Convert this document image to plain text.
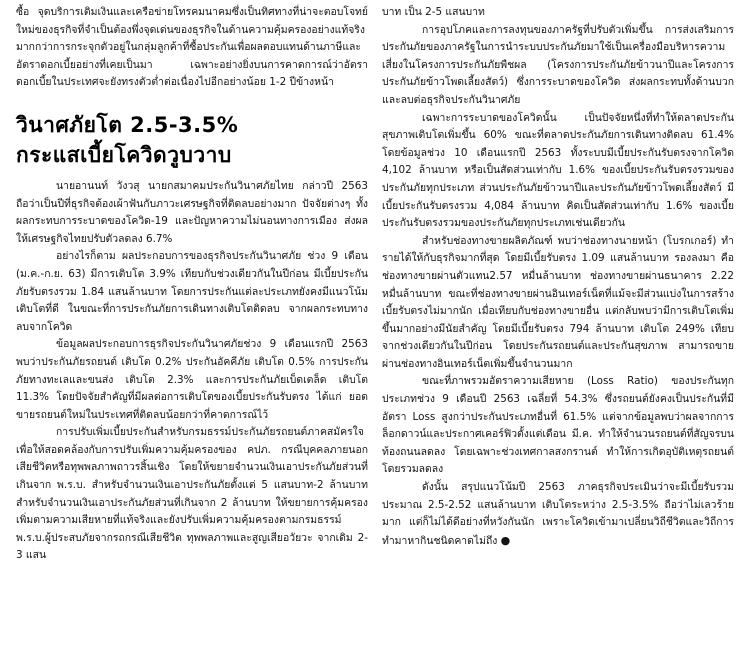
ซื้อ จุดบริการเติมเงินและเครือข่ายโทรคมนาคมซึ่งเป็นทิศทางที่น่าจะตอบโจทย์ใหม่ของธุรกิจที่จำเป็นต้องพึ่งจุดเด่นของธุรกิจในด้านความคุ้มครองอย่างแท้จริง มากกว่าการกระจุกตัวอยู่ในกลุ่มลูกค้าที่ซื้อประกันเพื่อผลตอบแทนด้านภาษีและอัตราดอกเบี้ยอย่างที่เคยเป็นมา เฉพาะอย่างยิ่งบนการคาดการณ์ว่าอัตราดอกเบี้ยในประเทศจะยังทรงตัวต่ำต่อเนื่องไปอีกอย่างน้อย 1-2 ปีข้างหน้า

วินาศภัยโต 2.5-3.5%
กระแสเบี้ยโควิดวูบวาบ

นายอานนท์ วังวสุ นายกสมาคมประกันวินาศภัยไทย กล่าวปี 2563 ถือว่าเป็นปีที่ธุรกิจต้องเผ้าฟันกับภาวะเศรษฐกิจที่ติดลบอย่างมาก ปัจจัยต่างๆ ทั้งผลกระทบการระบาดของโควิด-19 และปัญหาความไม่นอนทางการเมือง ส่งผลให้เศรษฐกิจไทยปรับตัวลดลง 6.7%

อย่างไรก็ตาม ผลประกอบการของธุรกิจประกันวินาศภัย ช่วง 9 เดือน (ม.ค.-ก.ย. 63) มีการเติบโต 3.9% เทียบกับช่วงเดียวกันในปีก่อน มีเบี้ยประกันภัยรับตรงรวม 1.84 แสนล้านบาท โดยการประกันแต่ละประเภทยังคงมีแนวโน้มเติบโตที่ดี ในขณะที่การประกันภัยการเดินทางเติบโตติดลบ จากผลกระทบทางลบจากโควิด

ข้อมูลผลประกอบการธุรกิจประกันวินาศภัยช่วง 9 เดือนแรกปี 2563 พบว่าประกันภัยรถยนต์ เติบโต 0.2% ประกันอัคคีภัย เติบโต 0.5% การประกันภัยทางทะเลและขนส่ง เติบโต 2.3% และการประกันภัยเบ็ดเตล็ด เติบโต 11.3% โดยปัจจัยสำคัญที่มีผลต่อการเติบโตของเบี้ยประกันรับตรง ได้แก่ ยอดขายรถยนต์ใหม่ในประเทศที่ติดลบน้อยกว่าที่คาดการณ์ไว้

การปรับเพิ่มเบี้ยประกันสำหรับกรมธรรม์ประกันภัยรถยนต์ภาคสมัครใจ เพื่อให้สอดคล้องกับการปรับเพิ่มความคุ้มครองของ คปภ. กรณีบุคคลภายนอกเสียชีวิตหรือทุพพลภาพถาวรสิ้นเชิง โดยให้ขยายจำนวนเงินเอาประกันภัยส่วนที่เกินจาก พ.ร.บ. สำหรับจำนวนเงินเอาประกันภัยตั้งแต่ 5 แสนบาท-2 ล้านบาท สำหรับจำนวนเงินเอาประกันภัยส่วนที่เกินจาก 2 ล้านบาท ให้ขยายการคุ้มครองเพิ่มตามความเสียหายที่แท้จริงและยังปรับเพิ่มความคุ้มครองตามกรมธรรม์ พ.ร.บ.ผู้ประสบภัยจากรถกรณีเสียชีวิต ทุพพลภาพและสูญเสียอวัยวะ จากเดิม 2-3 แสน

บาท เป็น 2-5 แสนบาท

การอุปโภคและการลงทุนของภาครัฐที่ปรับตัวเพิ่มขึ้น การส่งเสริมการประกันภัยของภาครัฐในการนำระบบประกันภัยมาใช้เป็นเครื่องมือบริหารความเสี่ยงในโครงการประกันภัยพืชผล (โครงการประกันภัยข้าวนาปีและโครงการประกันภัยข้าวโพดเลี้ยงสัตว์) ซึ่งการระบาดของโควิด ส่งผลกระทบทั้งด้านบวกและลบต่อธุรกิจประกันวินาศภัย

เฉพาะการระบาดของโควิดนั้น เป็นปัจจัยหนึ่งที่ทำให้ตลาดประกันสุขภาพเติบโตเพิ่มขึ้น 60% ขณะที่ตลาดประกันภัยการเดินทางติดลบ 61.4% โดยข้อมูลช่วง 10 เดือนแรกปี 2563 ทั้งระบบมีเบี้ยประกันรับตรงจากโควิด 4,102 ล้านบาท หรือเป็นสัดส่วนเท่ากับ 1.6% ของเบี้ยประกันรับตรงรวมของประกันภัยทุกประเภท ส่วนประกันภัยข้าวนาปีและประกันภัยข้าวโพดเลี้ยงสัตว์ มีเบี้ยประกันรับตรงรวม 4,084 ล้านบาท คิดเป็นสัดส่วนเท่ากับ 1.6% ของเบี้ยประกันรับตรงรวมของประกันภัยทุกประเภทเช่นเดียวกัน

สำหรับช่องทางขายผลิตภัณฑ์ พบว่าช่องทางนายหน้า (โบรกเกอร์) ทำรายได้ให้กับธุรกิจมากที่สุด โดยมีเบี้ยรับตรง 1.09 แสนล้านบาท รองลงมา คือ ช่องทางขายผ่านตัวแทน2.57 หมื่นล้านบาท ช่องทางขายผ่านธนาคาร 2.22 หมื่นล้านบาท ขณะที่ช่องทางขายผ่านอินเทอร์เน็ตที่แม้จะมีส่วนแบ่งในการสร้างเบี้ยรับตรงไม่มากนัก เมื่อเทียบกับช่องทางขายอื่น แต่กลับพบว่ามีการเติบโตเพิ่มขึ้นมากอย่างมีนัยสำคัญ โดยมีเบี้ยรับตรง 794 ล้านบาท เติบโต 249% เทียบจากช่วงเดียวกันในปีก่อน โดยประกันรถยนต์และประกันสุขภาพ สามารถขายผ่านช่องทางอินเทอร์เน็ตเพิ่มขึ้นจำนวนมาก

ขณะที่ภาพรวมอัตราความเสียหาย (Loss Ratio) ของประกันทุกประเภทช่วง 9 เดือนปี 2563 เฉลี่ยที่ 54.3% ซึ่งรถยนต์ยังคงเป็นประกันที่มีอัตรา Loss สูงกว่าประกันประเภทอื่นที่ 61.5% แต่จากข้อมูลพบว่าผลจากการล็อกดาวน์และประกาศเคอร์ฟิวตั้งแต่เดือน มี.ค. ทำให้จำนวนรถยนต์ที่สัญจรบนท้องถนนลดลง โดยเฉพาะช่วงเทศกาลสงกรานต์ ทำให้การเกิดอุบัติเหตุรถยนต์โดยรวมลดลง

ดังนั้น สรุปแนวโน้มปี 2563 ภาคธุรกิจประเมินว่าจะมีเบี้ยรับรวมประมาณ 2.5-2.52 แสนล้านบาท เติบโตระหว่าง 2.5-3.5% ถือว่าไม่เลวร้ายมาก แต่ก็ไม่ได้ดีอย่างที่หวังกันนัก เพราะโควิดเข้ามาเปลี่ยนวิถีชีวิตและวิถีการทำมาหากินชนิดคาดไม่ถึง ●
